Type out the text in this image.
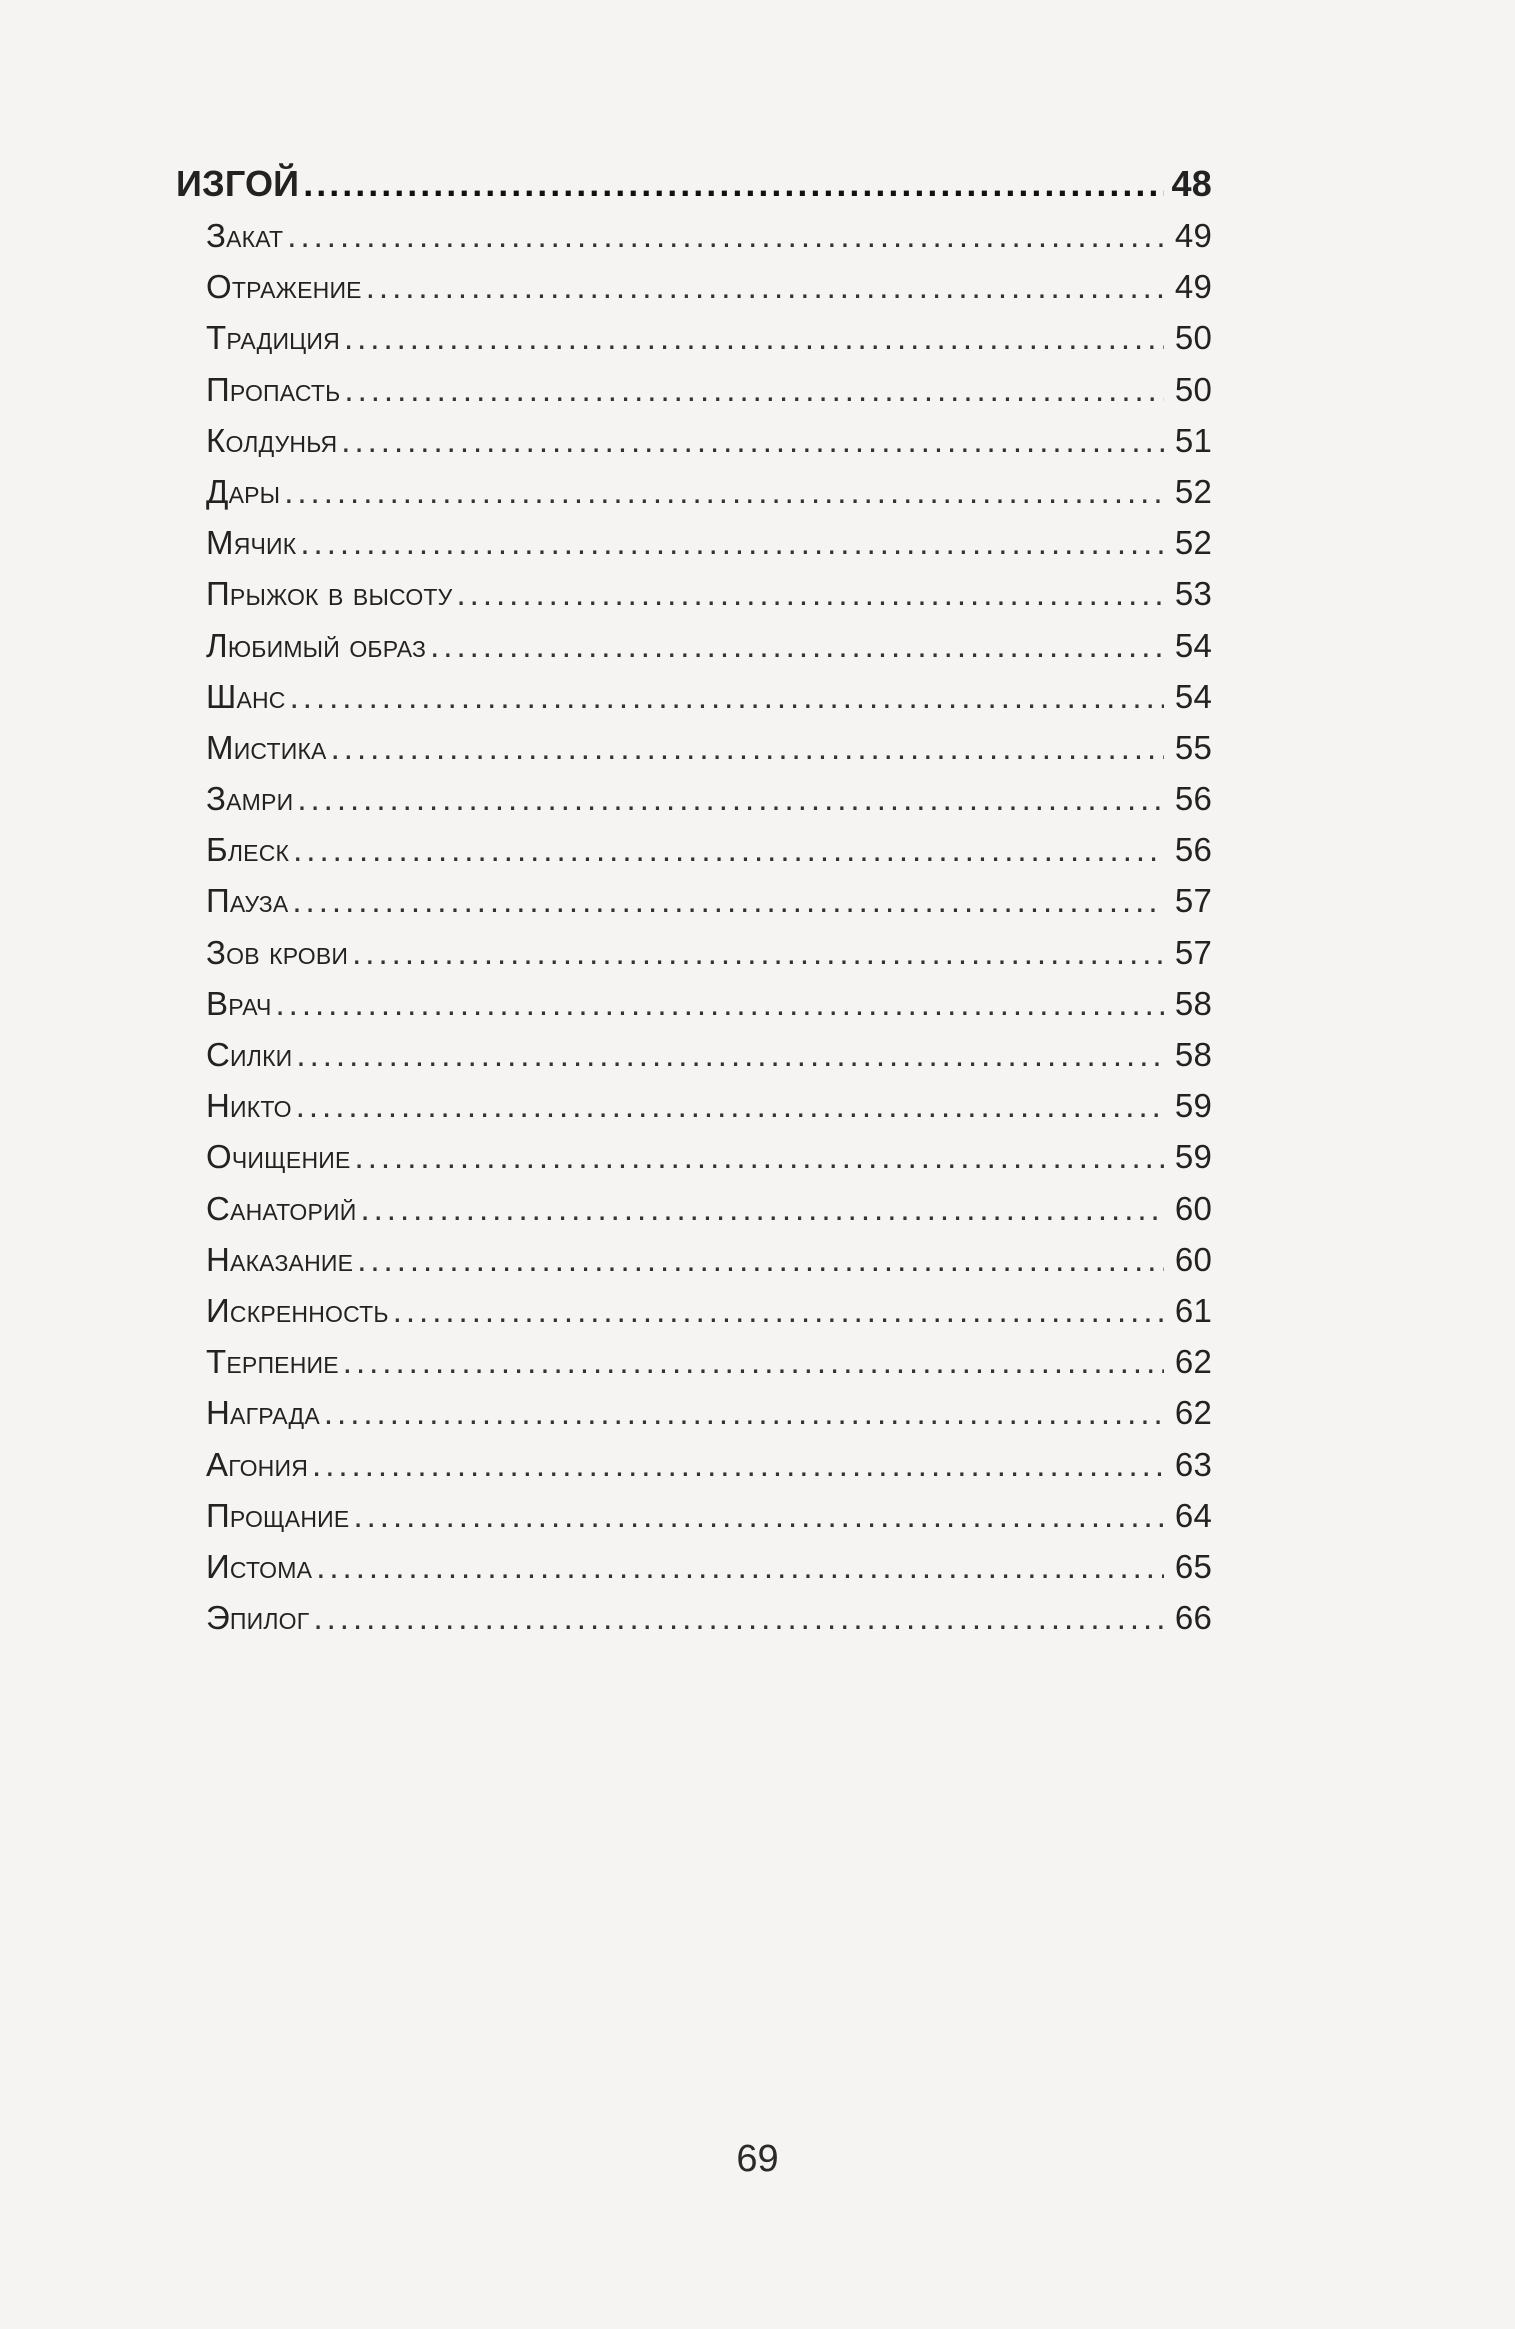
ИЗГОЙ .....	48
Закат .....	49
Отражение .....	49
Традиция .....	50
Пропасть .....	50
Колдунья .....	51
Дары .....	52
Мячик .....	52
Прыжок в высоту .....	53
Любимый образ .....	54
Шанс .....	54
Мистика .....	55
Замри .....	56
Блеск .....	56
Пауза .....	57
Зов крови .....	57
Врач .....	58
Силки .....	58
Никто .....	59
Очищение .....	59
Санаторий .....	60
Наказание .....	60
Искренность .....	61
Терпение .....	62
Награда .....	62
Агония .....	63
Прощание .....	64
Истома .....	65
Эпилог .....	66
69
